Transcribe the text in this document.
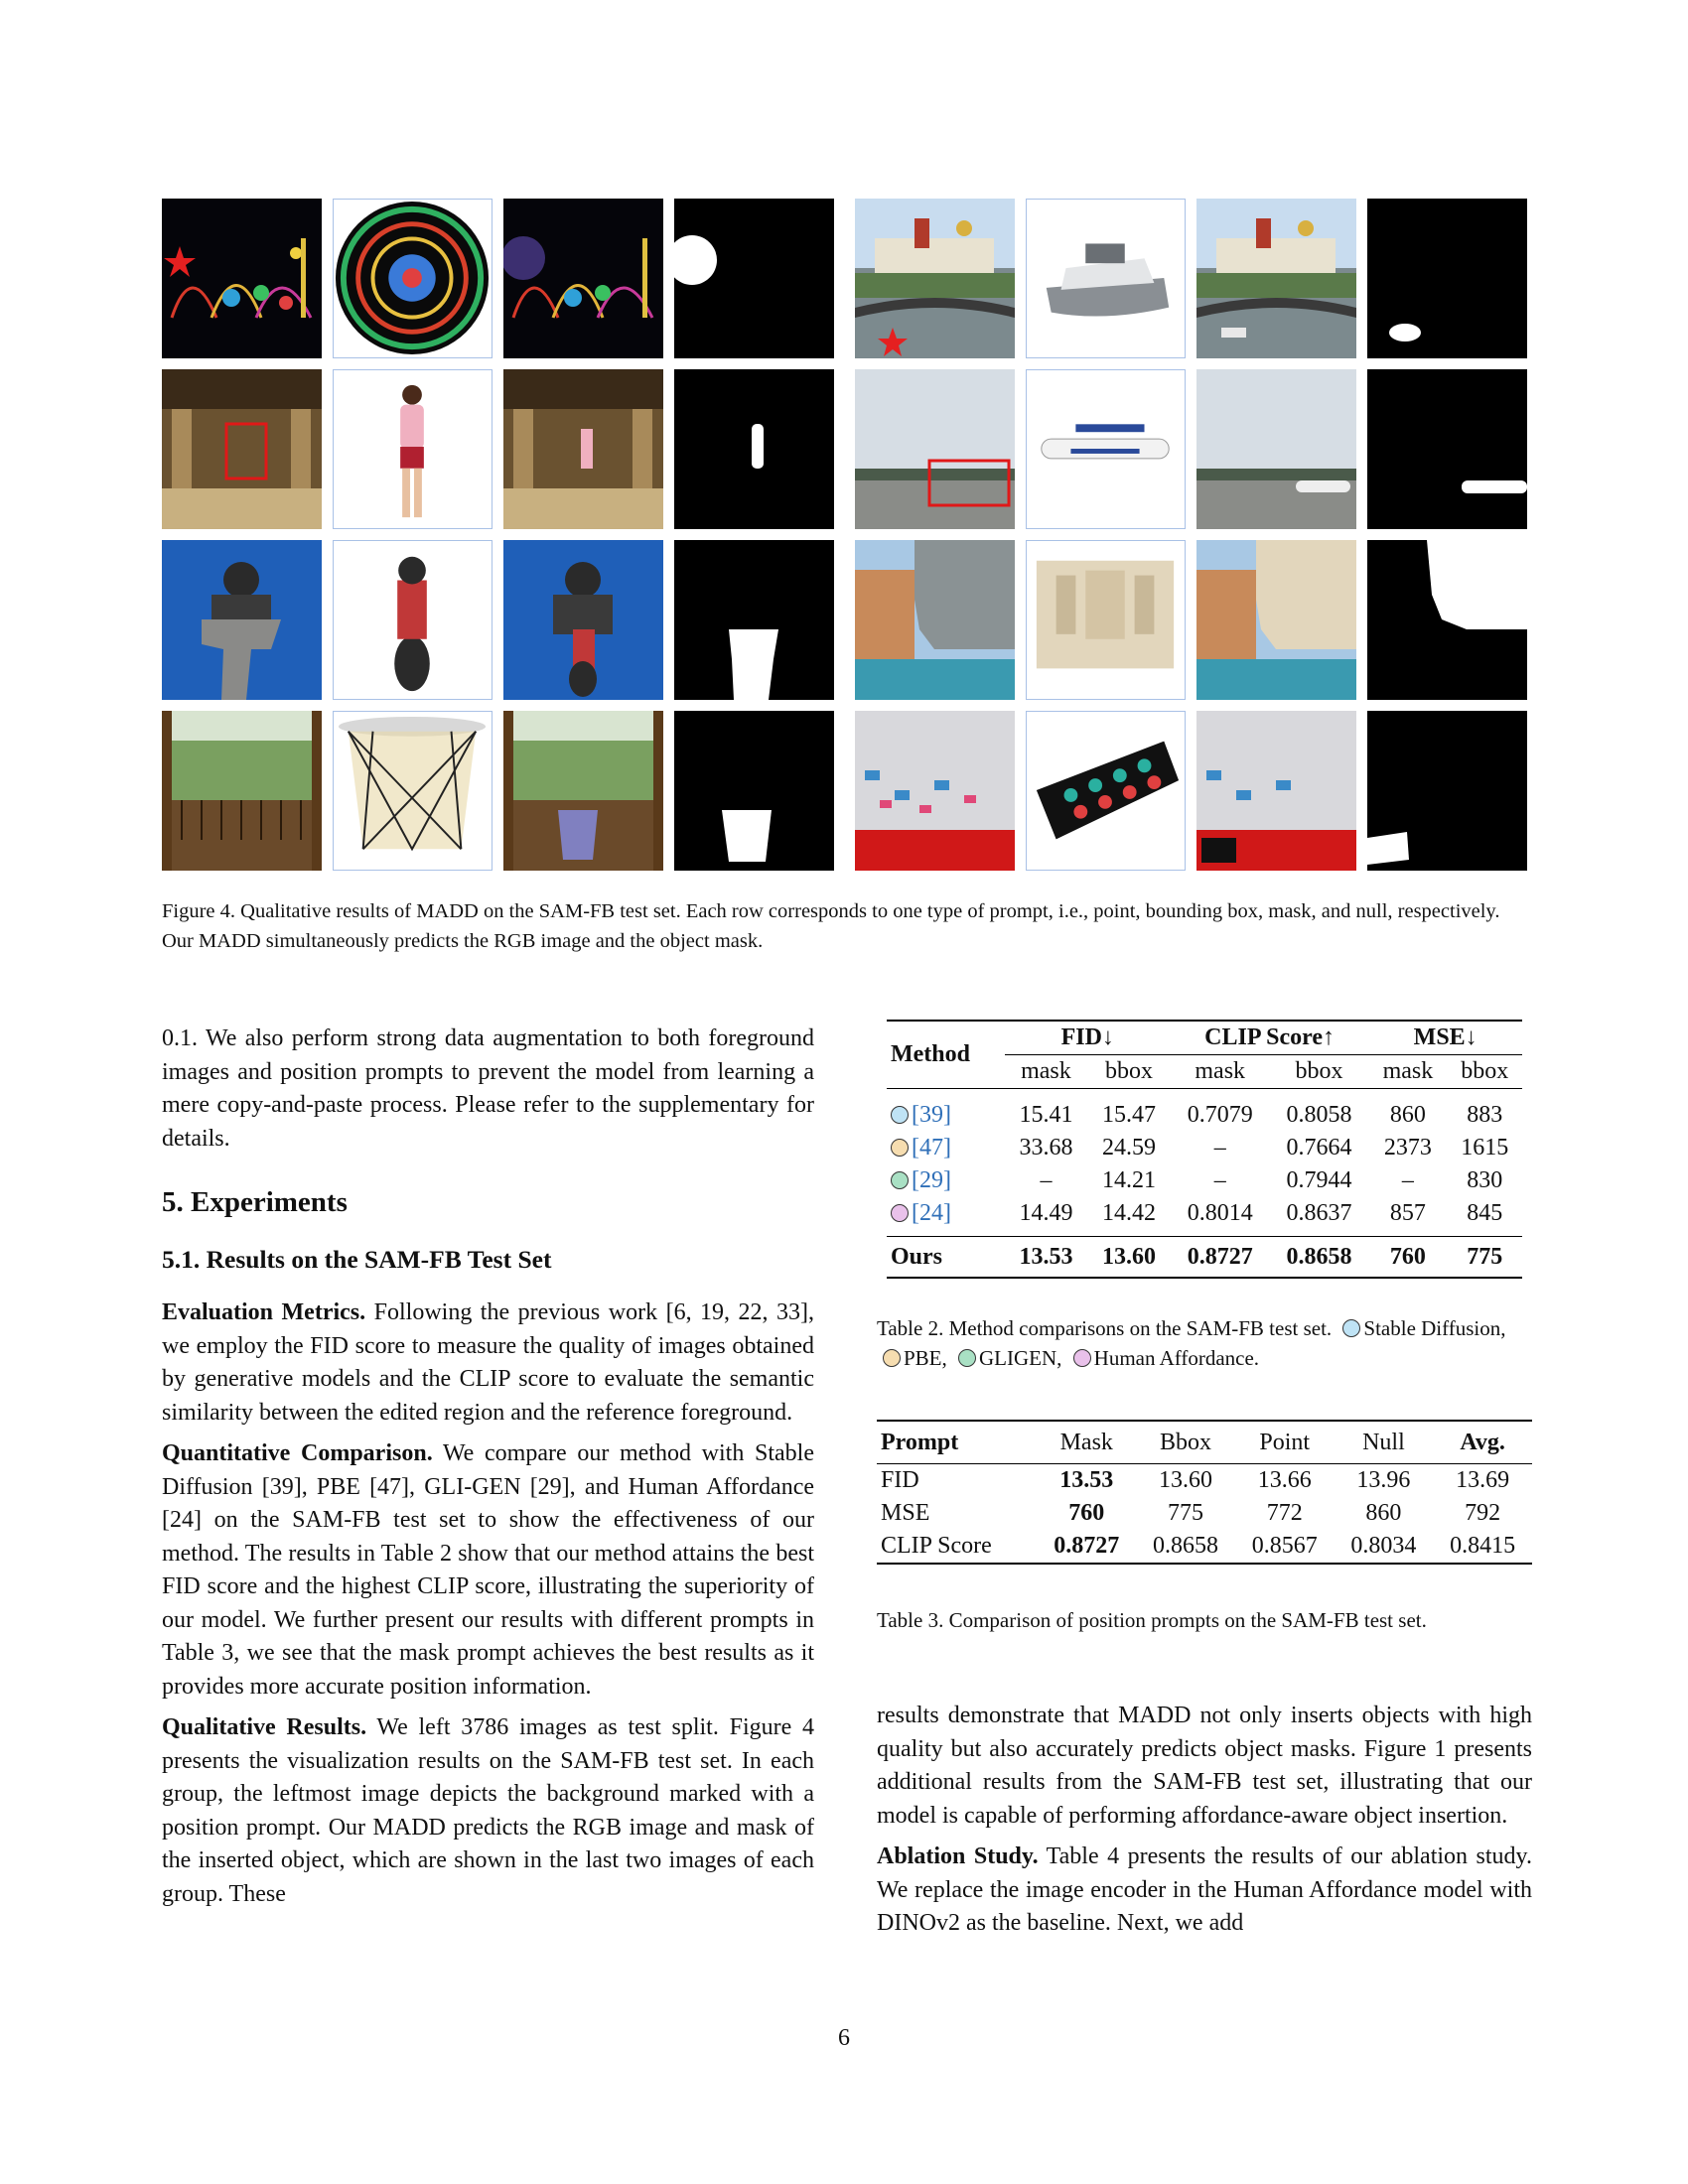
Figure 4. Qualitative results of MADD on the SAM-FB test set. Each row corresponds to one type of prompt, i.e., point, bounding box, mask, and null, respectively. Our MADD simultaneously predicts the RGB image and the object mask.
0.1. We also perform strong data augmentation to both foreground images and position prompts to prevent the model from learning a mere copy-and-paste process. Please refer to the supplementary for details.
5. Experiments
5.1. Results on the SAM-FB Test Set

Evaluation Metrics. Following the previous work [6, 19, 22, 33], we employ the FID score to measure the quality of images obtained by generative models and the CLIP score to evaluate the semantic similarity between the edited region and the reference foreground.

Quantitative Comparison. We compare our method with Stable Diffusion [39], PBE [47], GLI-GEN [29], and Human Affordance [24] on the SAM-FB test set to show the effectiveness of our method. The results in Table 2 show that our method attains the best FID score and the highest CLIP score, illustrating the superiority of our model. We further present our results with different prompts in Table 3, we see that the mask prompt achieves the best results as it provides more accurate position information.

Qualitative Results. We left 3786 images as test split. Figure 4 presents the visualization results on the SAM-FB test set. In each group, the leftmost image depicts the background marked with a position prompt. Our MADD predicts the RGB image and mask of the inserted object, which are shown in the last two images of each group. These

Method	FID↓		CLIP Score↑		MSE↓	
	mask	bbox	mask	bbox	mask	bbox
[39]	15.41	15.47	0.7079	0.8058	860	883
[47]	33.68	24.59	–	0.7664	2373	1615
[29]	–	14.21	–	0.7944	–	830
[24]	14.49	14.42	0.8014	0.8637	857	845
Ours	13.53	13.60	0.8727	0.8658	760	775
Table 2. Method comparisons on the SAM-FB test set. Stable Diffusion, PBE, GLIGEN, Human Affordance.
Prompt	Mask	Bbox	Point	Null	Avg.
FID	13.53	13.60	13.66	13.96	13.69
MSE	760	775	772	860	792
CLIP Score	0.8727	0.8658	0.8567	0.8034	0.8415
Table 3. Comparison of position prompts on the SAM-FB test set.

results demonstrate that MADD not only inserts objects with high quality but also accurately predicts object masks. Figure 1 presents additional results from the SAM-FB test set, illustrating that our model is capable of performing affordance-aware object insertion.

Ablation Study. Table 4 presents the results of our ablation study. We replace the image encoder in the Human Affordance model with DINOv2 as the baseline. Next, we add

6
